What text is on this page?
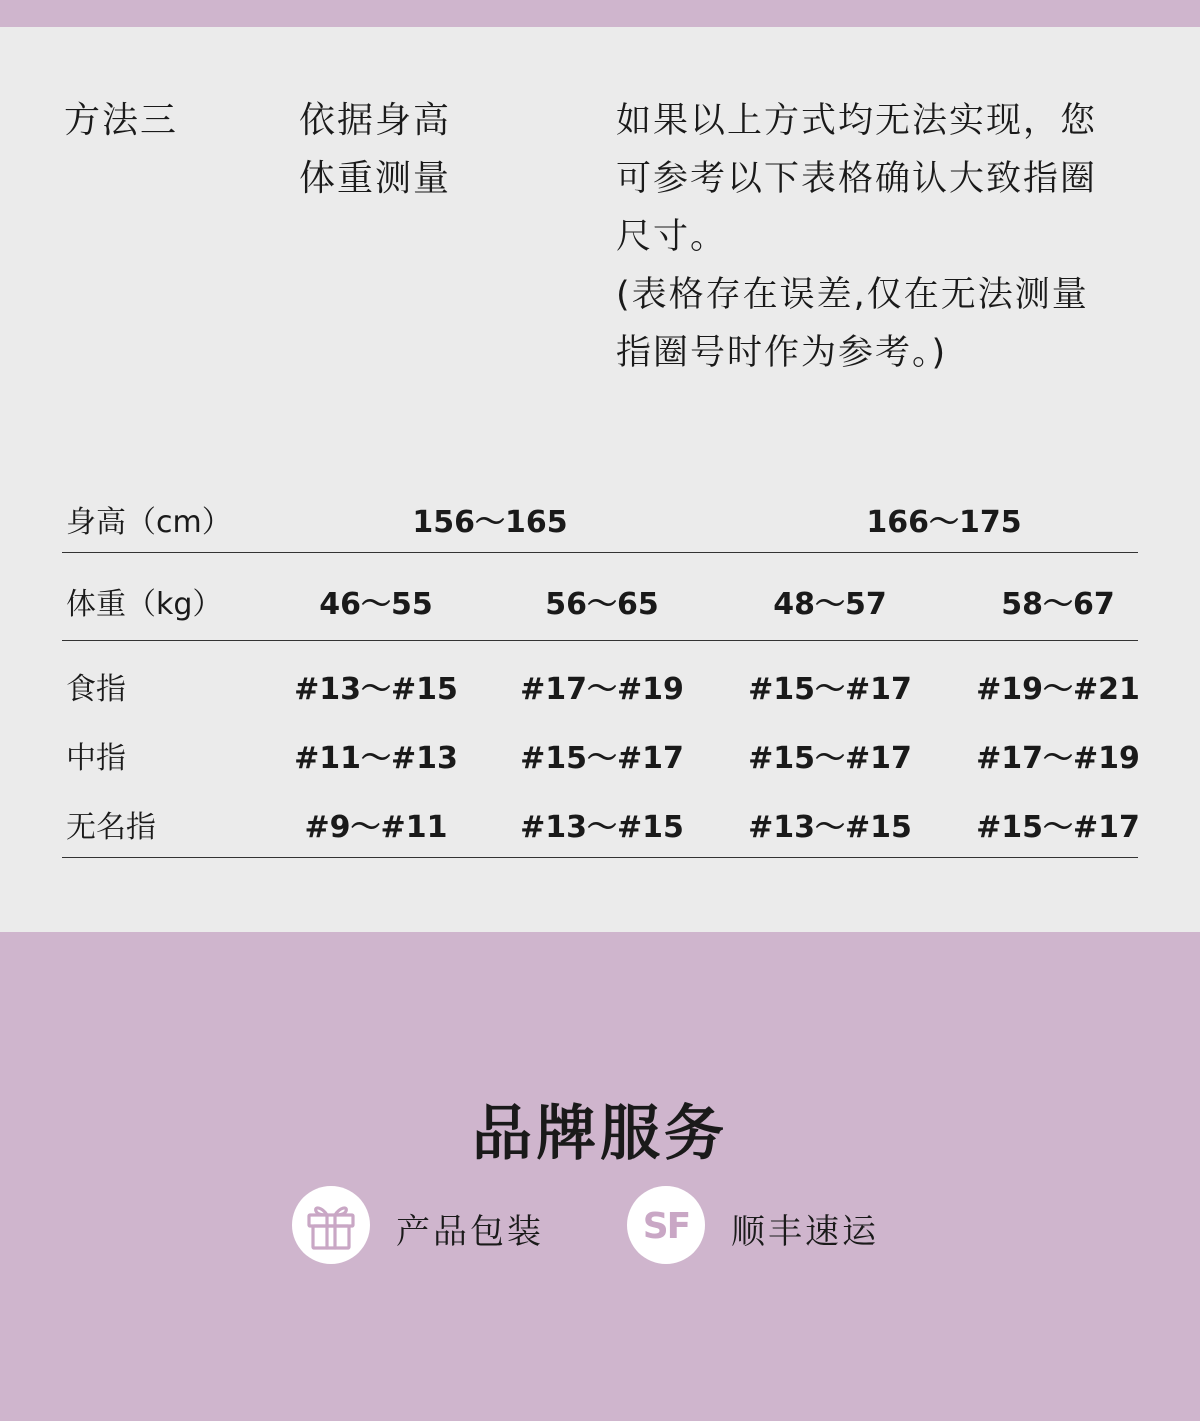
方法三	依据身高
体重测量

如果以上方式均无法实现，您

可参考以下表格确认大致指圈

尺寸。

(表格存在误差,仅在无法测量

指圈号时作为参考。)

身高（cm）	156～165	166～175
体重（kg）	46～55	56～65	48～57	58～67
食指	#13～#15	#17～#19	#15～#17	#19～#21
中指	#11～#13	#15～#17	#15～#17	#17～#19
无名指	#9～#11	#13～#15	#13～#15	#15～#17
品牌服务
产品包装	SF 顺丰速运
